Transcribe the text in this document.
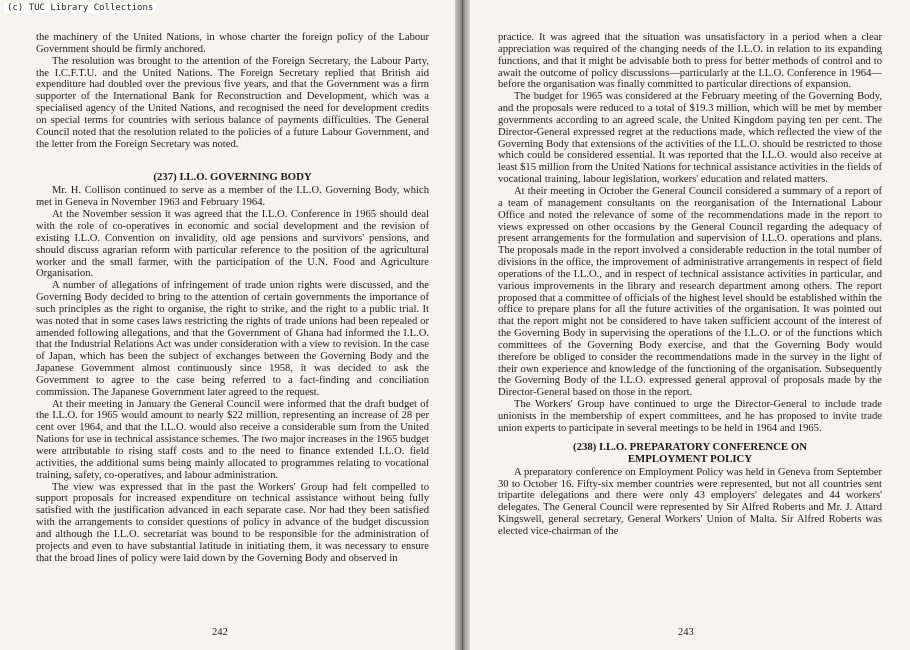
(c) TUC Library Collections

the machinery of the United Nations, in whose charter the foreign policy of the Labour Government should be firmly anchored.

The resolution was brought to the attention of the Foreign Secretary, the Labour Party, the I.C.F.T.U. and the United Nations. The Foreign Secretary replied that British aid expenditure had doubled over the previous five years, and that the Government was a firm supporter of the International Bank for Reconstruction and Development, which was a specialised agency of the United Nations, and recognised the need for development credits on special terms for countries with serious balance of payments difficulties. The General Council noted that the resolution related to the policies of a future Labour Government, and the letter from the Foreign Secretary was noted.

(237) I.L.O. GOVERNING BODY

Mr. H. Collison continued to serve as a member of the I.L.O. Governing Body, which met in Geneva in November 1963 and February 1964.

At the November session it was agreed that the I.L.O. Conference in 1965 should deal with the role of co-operatives in economic and social development and the revision of existing I.L.O. Convention on invalidity, old age pensions and survivors' pensions, and should discuss agrarian reform with particular reference to the position of the agricultural worker and the small farmer, with the participation of the U.N. Food and Agriculture Organisation.

A number of allegations of infringement of trade union rights were discussed, and the Governing Body decided to bring to the attention of certain governments the importance of such principles as the right to organise, the right to strike, and the right to a public trial. It was noted that in some cases laws restricting the rights of trade unions had been repealed or amended following allegations, and that the Government of Ghana had informed the I.L.O. that the Industrial Relations Act was under consideration with a view to revision. In the case of Japan, which has been the subject of exchanges between the Governing Body and the Japanese Government almost continuously since 1958, it was decided to ask the Government to agree to the case being referred to a fact-finding and conciliation commission. The Japanese Government later agreed to the request.

At their meeting in January the General Council were informed that the draft budget of the I.L.O. for 1965 would amount to nearly $22 million, representing an increase of 28 per cent over 1964, and that the I.L.O. would also receive a considerable sum from the United Nations for use in technical assistance schemes. The two major increases in the 1965 budget were attributable to rising staff costs and to the need to finance extended I.L.O. field activities, the additional sums being mainly allocated to programmes relating to vocational training, safety, co-operatives, and labour administration.

The view was expressed that in the past the Workers' Group had felt compelled to support proposals for increased expenditure on technical assistance without being fully satisfied with the justification advanced in each separate case. Nor had they been satisfied with the arrangements to consider questions of policy in advance of the budget discussion and although the I.L.O. secretariat was bound to be responsible for the administration of projects and even to have substantial latitude in initiating them, it was necessary to ensure that the broad lines of policy were laid down by the Governing Body and observed in

242

practice. It was agreed that the situation was unsatisfactory in a period when a clear appreciation was required of the changing needs of the I.L.O. in relation to its expanding functions, and that it might be advisable both to press for better methods of control and to await the outcome of policy discussions—particularly at the I.L.O. Conference in 1964—before the organisation was finally committed to particular directions of expansion.

The budget for 1965 was considered at the February meeting of the Governing Body, and the proposals were reduced to a total of $19.3 million, which will be met by member governments according to an agreed scale, the United Kingdom paying ten per cent. The Director-General expressed regret at the reductions made, which reflected the view of the Governing Body that extensions of the activities of the I.L.O. should be restricted to those which could be considered essential. It was reported that the I.L.O. would also receive at least $15 million from the United Nations for technical assistance activities in the fields of vocational training, labour legislation, workers' education and related matters.

At their meeting in October the General Council considered a summary of a report of a team of management consultants on the reorganisation of the International Labour Office and noted the relevance of some of the recommendations made in the report to views expressed on other occasions by the General Council regarding the adequacy of present arrangements for the formulation and supervision of I.L.O. operations and plans. The proposals made in the report involved a considerable reduction in the total number of divisions in the office, the improvement of administrative arrangements in respect of field operations of the I.L.O., and in respect of technical assistance activities in particular, and various improvements in the library and research department among others. The report proposed that a committee of officials of the highest level should be established within the office to prepare plans for all the future activities of the organisation. It was pointed out that the report might not be considered to have taken sufficient account of the interest of the Governing Body in supervising the operations of the I.L.O. or of the functions which committees of the Governing Body exercise, and that the Governing Body would therefore be obliged to consider the recommendations made in the survey in the light of their own experience and knowledge of the functioning of the organisation. Subsequently the Governing Body of the I.L.O. expressed general approval of proposals made by the Director-General based on those in the report.

The Workers' Group have continued to urge the Director-General to include trade unionists in the membership of expert committees, and he has proposed to invite trade union experts to participate in several meetings to be held in 1964 and 1965.

(238) I.L.O. PREPARATORY CONFERENCE ON EMPLOYMENT POLICY

A preparatory conference on Employment Policy was held in Geneva from September 30 to October 16. Fifty-six member countries were represented, but not all countries sent tripartite delegations and there were only 43 employers' delegates and 44 workers' delegates. The General Council were represented by Sir Alfred Roberts and Mr. J. Attard Kingswell, general secretary, General Workers' Union of Malta. Sir Alfred Roberts was elected vice-chairman of the

243
